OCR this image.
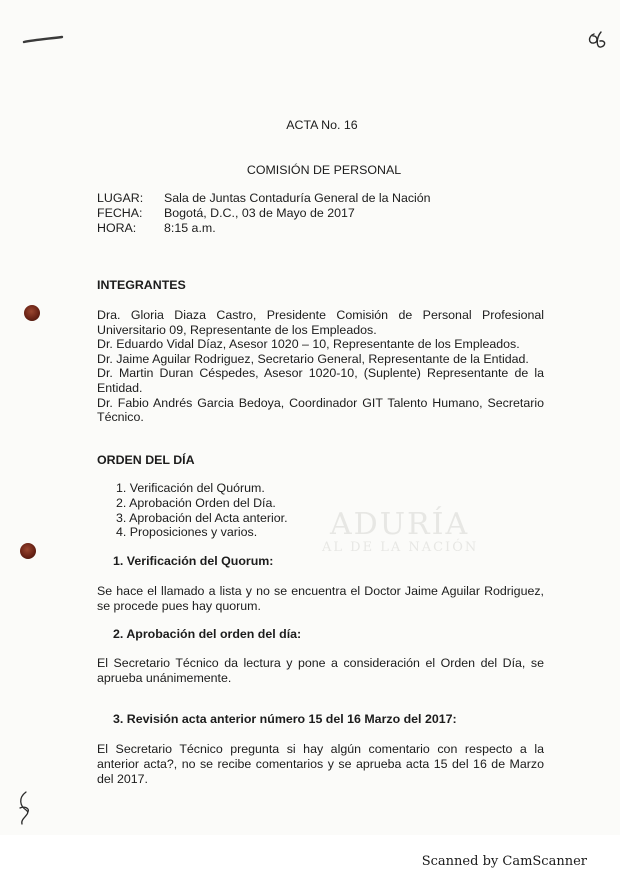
ADURÍA
AL DE LA NACIÓN
ACTA No. 16
COMISIÓN DE PERSONAL
LUGAR: Sala de Juntas Contaduría General de la Nación
FECHA: Bogotá, D.C., 03 de Mayo de 2017
HORA: 8:15 a.m.
INTEGRANTES
Dra. Gloria Diaza Castro, Presidente Comisión de Personal Profesional
Universitario 09, Representante de los Empleados.
Dr. Eduardo Vidal Díaz, Asesor 1020 – 10, Representante de los Empleados.
Dr. Jaime Aguilar Rodriguez, Secretario General, Representante de la Entidad.
Dr. Martin Duran Céspedes, Asesor 1020-10, (Suplente) Representante de la
Entidad.
Dr. Fabio Andrés Garcia Bedoya, Coordinador GIT Talento Humano, Secretario
Técnico.
ORDEN DEL DÍA
1. Verificación del Quórum.
2. Aprobación Orden del Día.
3. Aprobación del Acta anterior.
4. Proposiciones y varios.
1. Verificación del Quorum:
Se hace el llamado a lista y no se encuentra el Doctor Jaime Aguilar Rodriguez,
se procede pues hay quorum.
2. Aprobación del orden del día:
El Secretario Técnico da lectura y pone a consideración el Orden del Día, se
aprueba unánimemente.
3. Revisión acta anterior número 15 del 16 Marzo del 2017:
El Secretario Técnico pregunta si hay algún comentario con respecto a la
anterior acta?, no se recibe comentarios y se aprueba acta 15 del 16 de Marzo
del 2017.
Scanned by CamScanner
